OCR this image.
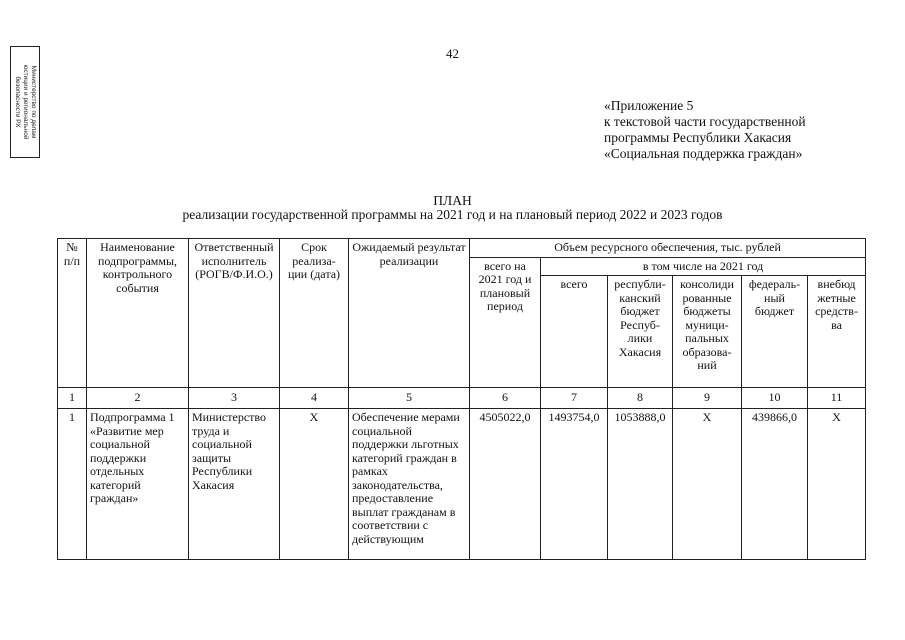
42
Министерство по делам
юстиции и региональной
безопасности РХ	«Приложение 5
к текстовой части государственной
программы Республики Хакасия
«Социальная поддержка граждан»
ПЛАН
реализации государственной программы на 2021 год и на плановый период 2022 и 2023 годов
№ п/п	Наименование подпрограммы, контрольного события	Ответственный исполнитель (РОГВ/Ф.И.О.)	Срок реализа-ции (дата)	Ожидаемый результат реализации	Объем ресурсного обеспечения, тыс. рублей					
					всего на 2021 год и плановый период	в том числе на 2021 год				
						всего	республи-канский бюджет Респуб-лики Хакасия	консолиди рованные бюджеты муници-пальных образова-ний	федераль-ный бюджет	внебюд жетные средств-ва
1	2	3	4	5	6	7	8	9	10	11
1	Подпрограмма 1 «Развитие мер социальной поддержки отдельных категорий граждан»	Министерство труда и социальной защиты Республики Хакасия	X	Обеспечение мерами социальной поддержки льготных категорий граждан в рамках законодательства, предоставление выплат гражданам в соответствии с действующим	4505022,0	1493754,0	1053888,0	X	439866,0	X
